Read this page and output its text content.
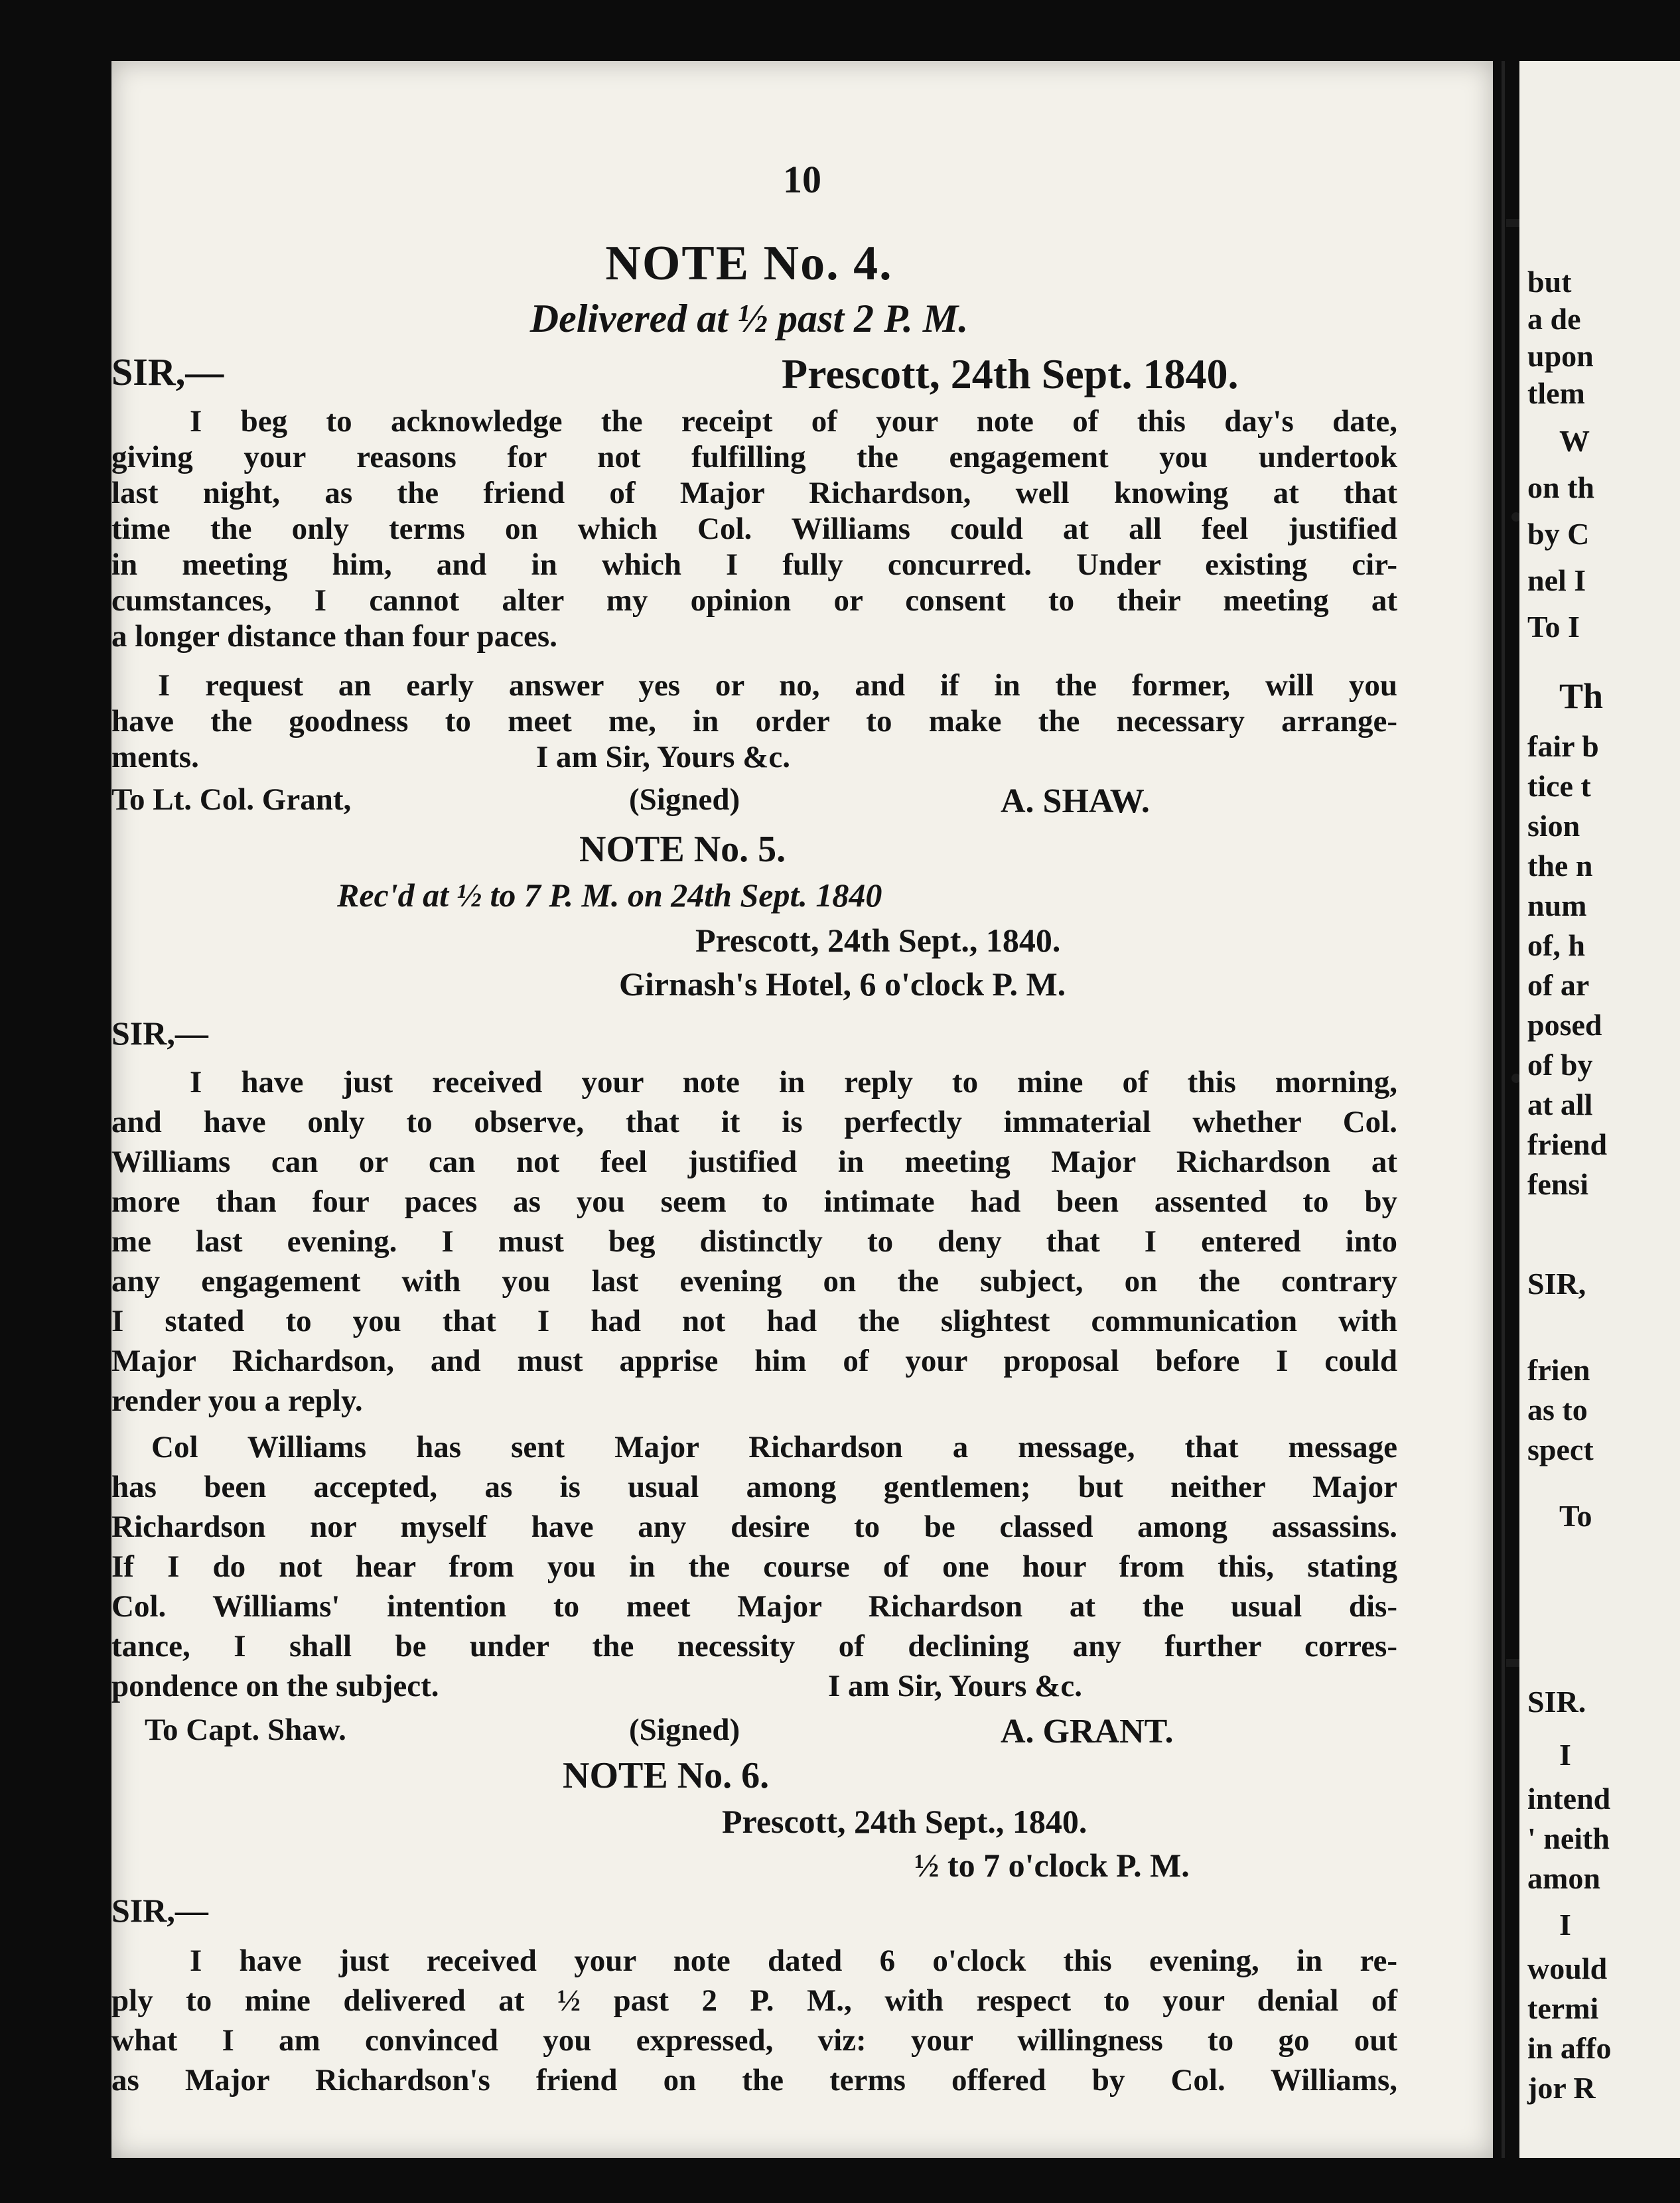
10
NOTE No. 4.
Delivered at ½ past 2 P. M.
SIR,—	Prescott, 24th Sept. 1840.
I beg to acknowledge the receipt of your note of this day's date,
giving your reasons for not fulfilling the engagement you undertook
last night, as the friend of Major Richardson, well knowing at that
time the only terms on which Col. Williams could at all feel justified
in meeting him, and in which I fully concurred. Under existing cir-
cumstances, I cannot alter my opinion or consent to their meeting at
a longer distance than four paces.
I request an early answer yes or no, and if in the former, will you
have the goodness to meet me, in order to make the necessary arrange-
ments.	I am Sir, Yours &c.
To Lt. Col. Grant,	(Signed)	A. SHAW.
NOTE No. 5.
Rec'd at ½ to 7 P. M. on 24th Sept. 1840
Prescott, 24th Sept., 1840.
Girnash's Hotel, 6 o'clock P. M.
SIR,—
I have just received your note in reply to mine of this morning,
and have only to observe, that it is perfectly immaterial whether Col.
Williams can or can not feel justified in meeting Major Richardson at
more than four paces as you seem to intimate had been assented to by
me last evening. I must beg distinctly to deny that I entered into
any engagement with you last evening on the subject, on the contrary
I stated to you that I had not had the slightest communication with
Major Richardson, and must apprise him of your proposal before I could
render you a reply.
Col Williams has sent Major Richardson a message, that message
has been accepted, as is usual among gentlemen; but neither Major
Richardson nor myself have any desire to be classed among assassins.
If I do not hear from you in the course of one hour from this, stating
Col. Williams' intention to meet Major Richardson at the usual dis-
tance, I shall be under the necessity of declining any further corres-
pondence on the subject.	I am Sir, Yours &c.
To Capt. Shaw.	(Signed)	A. GRANT.
NOTE No. 6.
Prescott, 24th Sept., 1840.
½ to 7 o'clock P. M.
SIR,—
I have just received your note dated 6 o'clock this evening, in re-
ply to mine delivered at ½ past 2 P. M., with respect to your denial of
what I am convinced you expressed, viz: your willingness to go out
as Major Richardson's friend on the terms offered by Col. Williams,
but
a de
upon
tlem
W
on th
by C
nel I
To I
Th
fair b
tice t
sion
the n
num
of, h
of ar
posed
of by
at all
friend
fensi
SIR,
frien
as to
spect
To
SIR.
I
intend
' neith
amon
I
would
termi
in affo
jor R
